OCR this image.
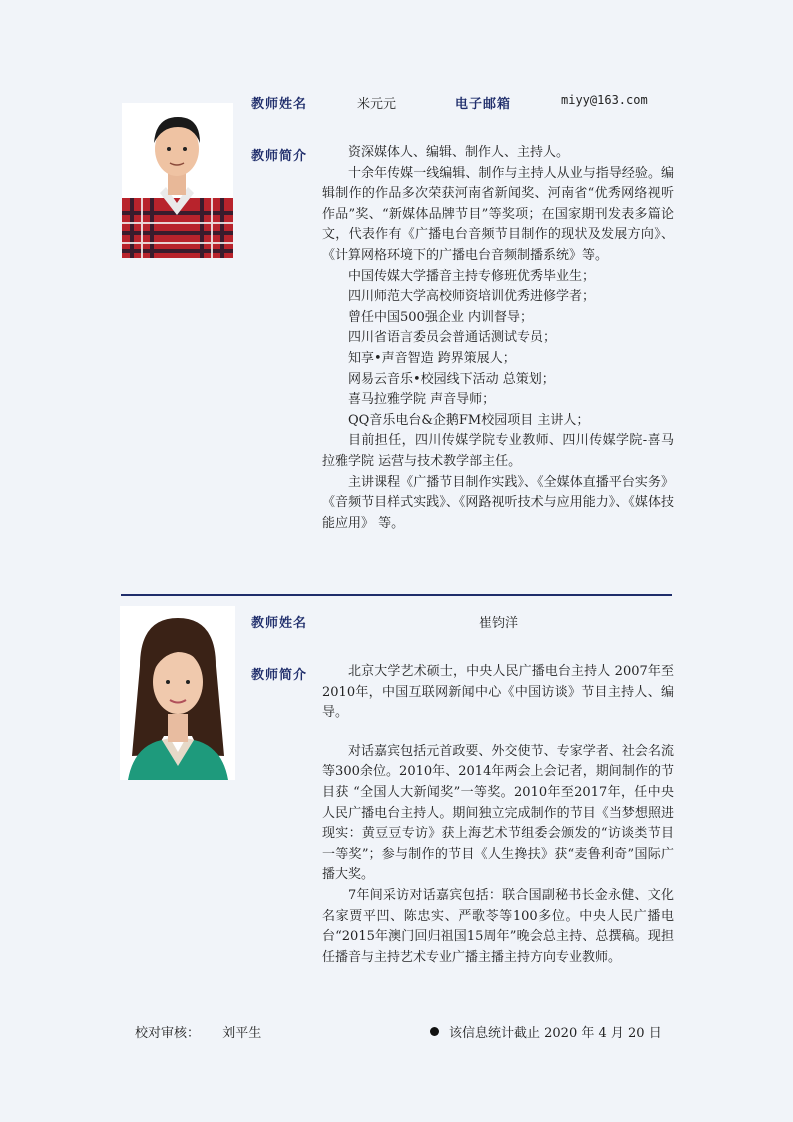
教师姓名	米元元	电子邮箱	miyy@163.com
教师简介	资深媒体人、编辑、制作人、主持人。

十余年传媒一线编辑、制作与主持人从业与指导经验。编辑制作的作品多次荣获河南省新闻奖、河南省“优秀网络视听作品”奖、“新媒体品牌节目”等奖项；在国家期刊发表多篇论文，代表作有《广播电台音频节目制作的现状及发展方向》、《计算网格环境下的广播电台音频制播系统》等。

中国传媒大学播音主持专修班优秀毕业生；

四川师范大学高校师资培训优秀进修学者；

曾任中国500强企业 内训督导；

四川省语言委员会普通话测试专员；

知享•声音智造 跨界策展人；

网易云音乐•校园线下活动 总策划；

喜马拉雅学院 声音导师；

QQ音乐电台&企鹅FM校园项目 主讲人；

目前担任，四川传媒学院专业教师、四川传媒学院-喜马拉雅学院 运营与技术教学部主任。

主讲课程《广播节目制作实践》、《全媒体直播平台实务》《音频节目样式实践》、《网路视听技术与应用能力》、《媒体技能应用》 等。

教师姓名	崔钧洋
教师简介	北京大学艺术硕士，中央人民广播电台主持人 2007年至2010年，中国互联网新闻中心《中国访谈》节目主持人、编导。

对话嘉宾包括元首政要、外交使节、专家学者、社会名流等300余位。2010年、2014年两会上会记者，期间制作的节目获 “全国人大新闻奖”一等奖。2010年至2017年，任中央人民广播电台主持人。期间独立完成制作的节目《当梦想照进现实：黄豆豆专访》获上海艺术节组委会颁发的“访谈类节目一等奖”；参与制作的节目《人生搀扶》获“麦鲁利奇”国际广播大奖。

7年间采访对话嘉宾包括：联合国副秘书长金永健、文化名家贾平凹、陈忠实、严歌苓等100多位。中央人民广播电台“2015年澳门回归祖国15周年”晚会总主持、总撰稿。现担任播音与主持艺术专业广播主播主持方向专业教师。

校对审核： 刘平生	该信息统计截止 2020 年 4 月 20 日
